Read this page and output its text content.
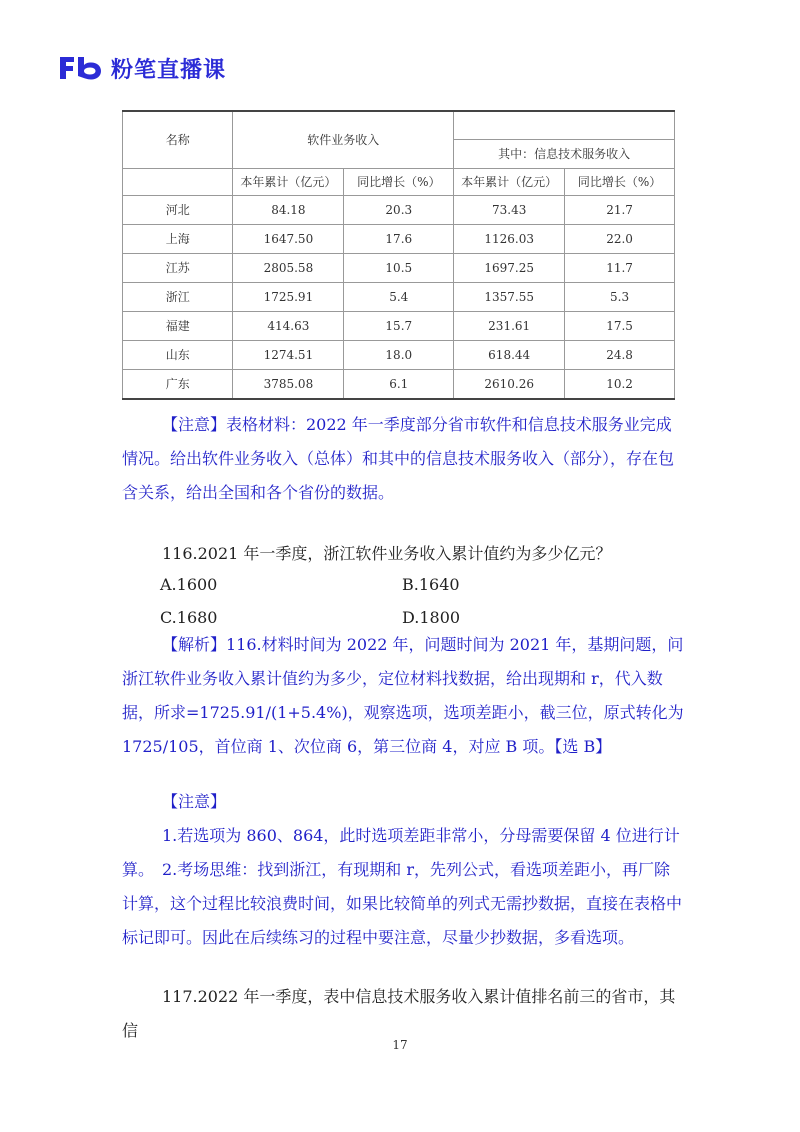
粉笔直播课
名称	软件业务收入			
			其中：信息技术服务收入	
	本年累计（亿元）	同比增长（%）	本年累计（亿元）	同比增长（%）
河北	84.18	20.3	73.43	21.7
上海	1647.50	17.6	1126.03	22.0
江苏	2805.58	10.5	1697.25	11.7
浙江	1725.91	5.4	1357.55	5.3
福建	414.63	15.7	231.61	17.5
山东	1274.51	18.0	618.44	24.8
广东	3785.08	6.1	2610.26	10.2
【注意】表格材料：2022 年一季度部分省市软件和信息技术服务业完成情况。给出软件业务收入（总体）和其中的信息技术服务收入（部分），存在包含关系，给出全国和各个省份的数据。
116.2021 年一季度，浙江软件业务收入累计值约为多少亿元？
A.1600	B.1640
C.1680	D.1800
【解析】116.材料时间为 2022 年，问题时间为 2021 年，基期问题，问浙江软件业务收入累计值约为多少，定位材料找数据，给出现期和 r，代入数据，所求=1725.91/(1+5.4%)，观察选项，选项差距小，截三位，原式转化为 1725/105，首位商 1、次位商 6，第三位商 4，对应 B 项。【选 B】
【注意】
1.若选项为 860、864，此时选项差距非常小，分母需要保留 4 位进行计算。 2.考场思维：找到浙江，有现期和 r，先列公式，看选项差距小，再厂除计算，这个过程比较浪费时间，如果比较简单的列式无需抄数据，直接在表格中标记即可。因此在后续练习的过程中要注意，尽量少抄数据，多看选项。
117.2022 年一季度，表中信息技术服务收入累计值排名前三的省市，其信
17
